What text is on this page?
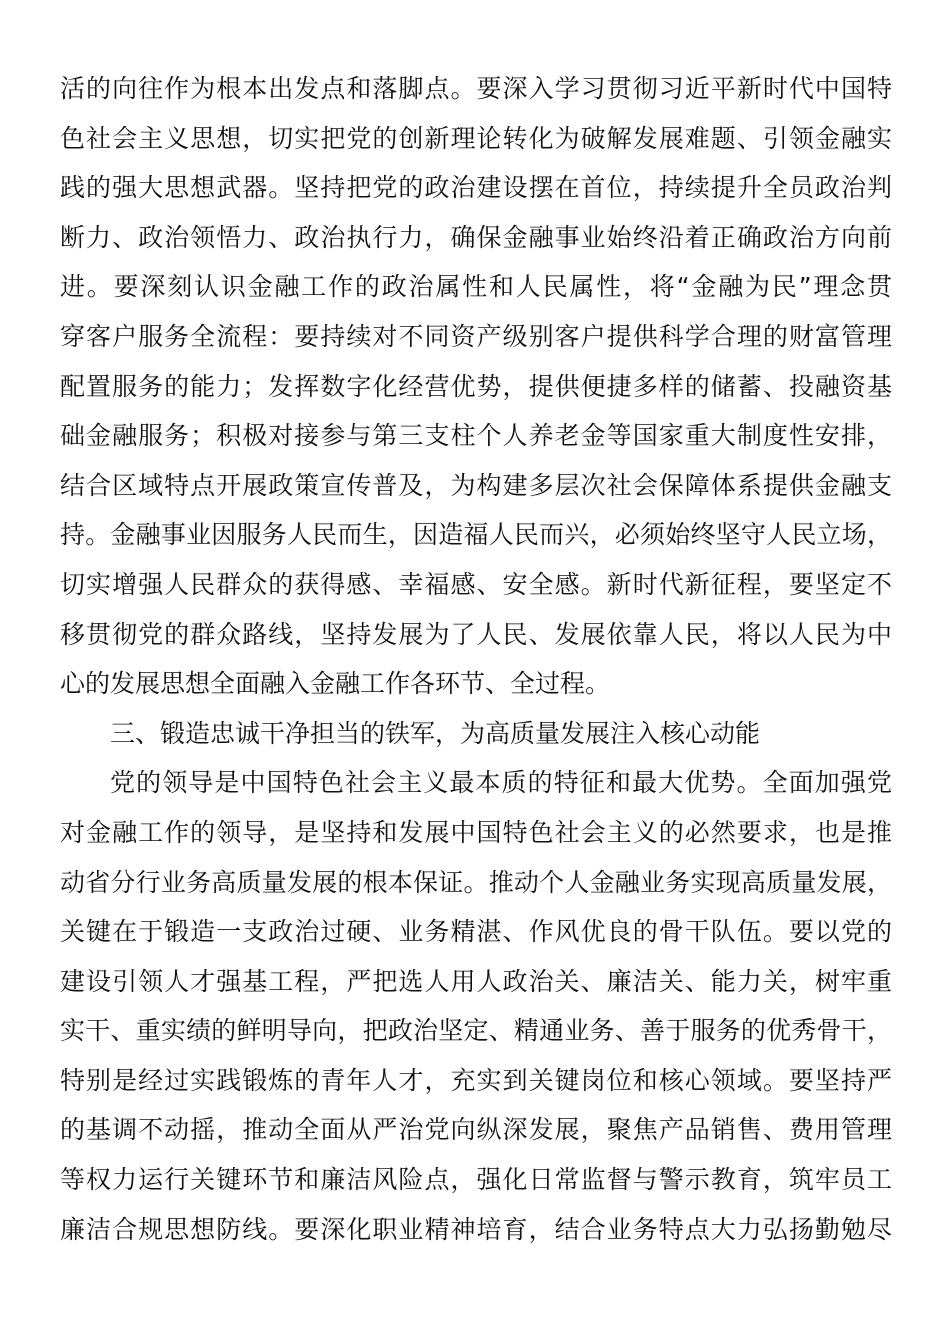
活的向往作为根本出发点和落脚点。要深入学习贯彻习近平新时代中国特
色社会主义思想，切实把党的创新理论转化为破解发展难题、引领金融实
践的强大思想武器。坚持把党的政治建设摆在首位，持续提升全员政治判
断力、政治领悟力、政治执行力，确保金融事业始终沿着正确政治方向前
进。要深刻认识金融工作的政治属性和人民属性，将“金融为民”理念贯
穿客户服务全流程：要持续对不同资产级别客户提供科学合理的财富管理
配置服务的能力；发挥数字化经营优势，提供便捷多样的储蓄、投融资基
础金融服务；积极对接参与第三支柱个人养老金等国家重大制度性安排，
结合区域特点开展政策宣传普及，为构建多层次社会保障体系提供金融支
持。金融事业因服务人民而生，因造福人民而兴，必须始终坚守人民立场，
切实增强人民群众的获得感、幸福感、安全感。新时代新征程，要坚定不
移贯彻党的群众路线，坚持发展为了人民、发展依靠人民，将以人民为中
心的发展思想全面融入金融工作各环节、全过程。
三、锻造忠诚干净担当的铁军，为高质量发展注入核心动能
党的领导是中国特色社会主义最本质的特征和最大优势。全面加强党
对金融工作的领导，是坚持和发展中国特色社会主义的必然要求，也是推
动省分行业务高质量发展的根本保证。推动个人金融业务实现高质量发展，
关键在于锻造一支政治过硬、业务精湛、作风优良的骨干队伍。要以党的
建设引领人才强基工程，严把选人用人政治关、廉洁关、能力关，树牢重
实干、重实绩的鲜明导向，把政治坚定、精通业务、善于服务的优秀骨干，
特别是经过实践锻炼的青年人才，充实到关键岗位和核心领域。要坚持严
的基调不动摇，推动全面从严治党向纵深发展，聚焦产品销售、费用管理
等权力运行关键环节和廉洁风险点，强化日常监督与警示教育，筑牢员工
廉洁合规思想防线。要深化职业精神培育，结合业务特点大力弘扬勤勉尽
